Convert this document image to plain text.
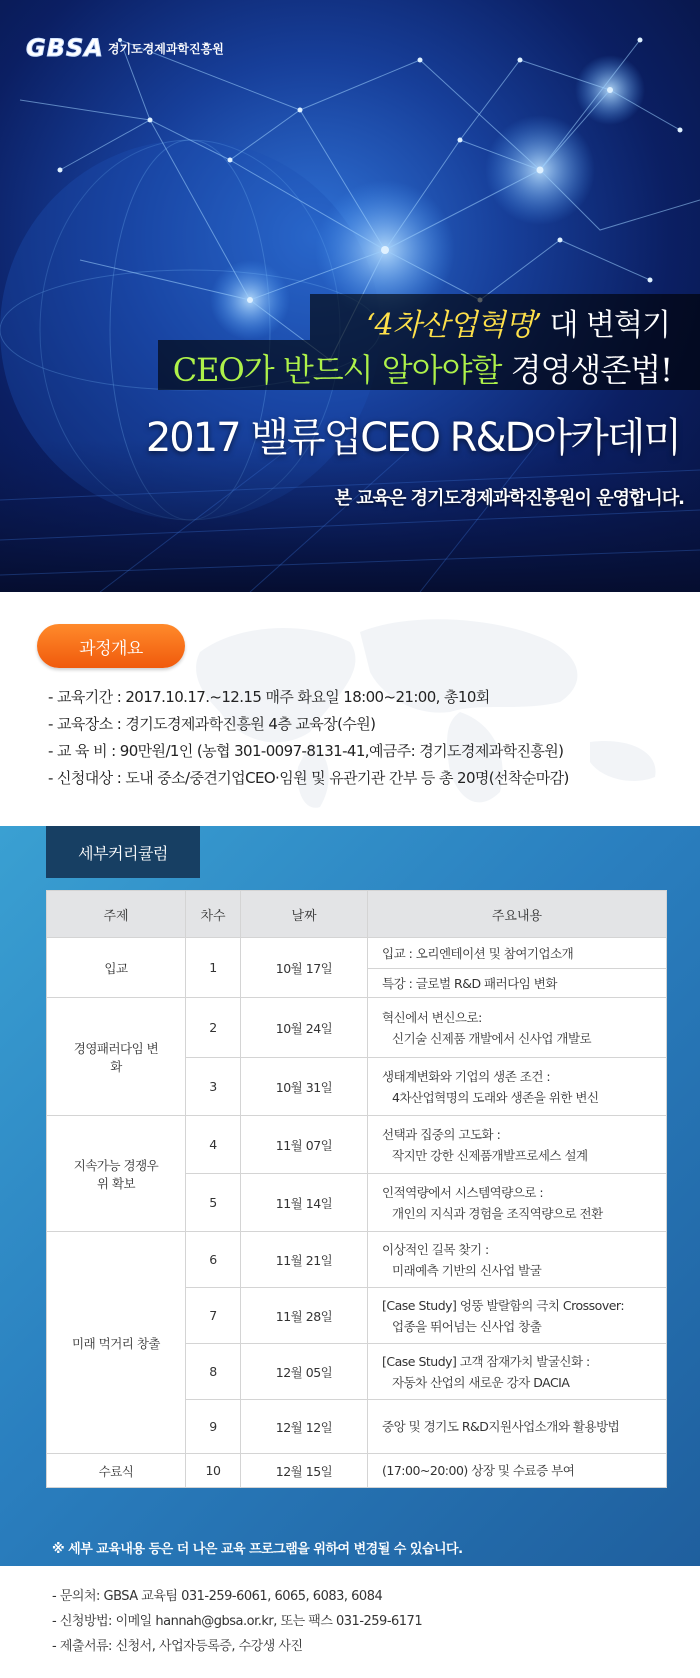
GBSA 경기도경제과학진흥원
‘4차산업혁명’ 대 변혁기
CEO가 반드시 알아야할 경영생존법!
2017 밸류업CEO R&D아카데미
본 교육은 경기도경제과학진흥원이 운영합니다.
과정개요
- 교육기간 : 2017.10.17.~12.15 매주 화요일 18:00~21:00, 총10회
- 교육장소 : 경기도경제과학진흥원 4층 교육장(수원)
- 교 육 비 : 90만원/1인 (농협 301-0097-8131-41,예금주: 경기도경제과학진흥원)
- 신청대상 : 도내 중소/중견기업CEO·임원 및 유관기관 간부 등 총 20명(선착순마감)
세부커리큘럼
주제	차수	날짜	주요내용
입교	1	10월 17일	입교 : 오리엔테이션 및 참여기업소개

			특강 : 글로벌 R&D 패러다임 변화

경영패러다임 변화	2	10월 24일	혁신에서 변신으로:
신기술 신제품 개발에서 신사업 개발로

	3	10월 31일	생태계변화와 기업의 생존 조건 :
4차산업혁명의 도래와 생존을 위한 변신

지속가능 경쟁우위 확보	4	11월 07일	선택과 집중의 고도화 :
작지만 강한 신제품개발프로세스 설계

	5	11월 14일	인적역량에서 시스템역량으로 :
개인의 지식과 경험을 조직역량으로 전환

미래 먹거리 창출	6	11월 21일	이상적인 길목 찾기 :
미래예측 기반의 신사업 발굴

	7	11월 28일	[Case Study] 엉뚱 발랄함의 극치 Crossover:
업종을 뛰어넘는 신사업 창출

	8	12월 05일	[Case Study] 고객 잠재가치 발굴신화 :
자동차 산업의 새로운 강자 DACIA

	9	12월 12일	중앙 및 경기도 R&D지원사업소개와 활용방법

수료식	10	12월 15일	(17:00~20:00) 상장 및 수료증 부여
※ 세부 교육내용 등은 더 나은 교육 프로그램을 위하여 변경될 수 있습니다.
- 문의처: GBSA 교육팀 031-259-6061, 6065, 6083, 6084
- 신청방법: 이메일 hannah@gbsa.or.kr, 또는 팩스 031-259-6171
- 제출서류: 신청서, 사업자등록증, 수강생 사진
